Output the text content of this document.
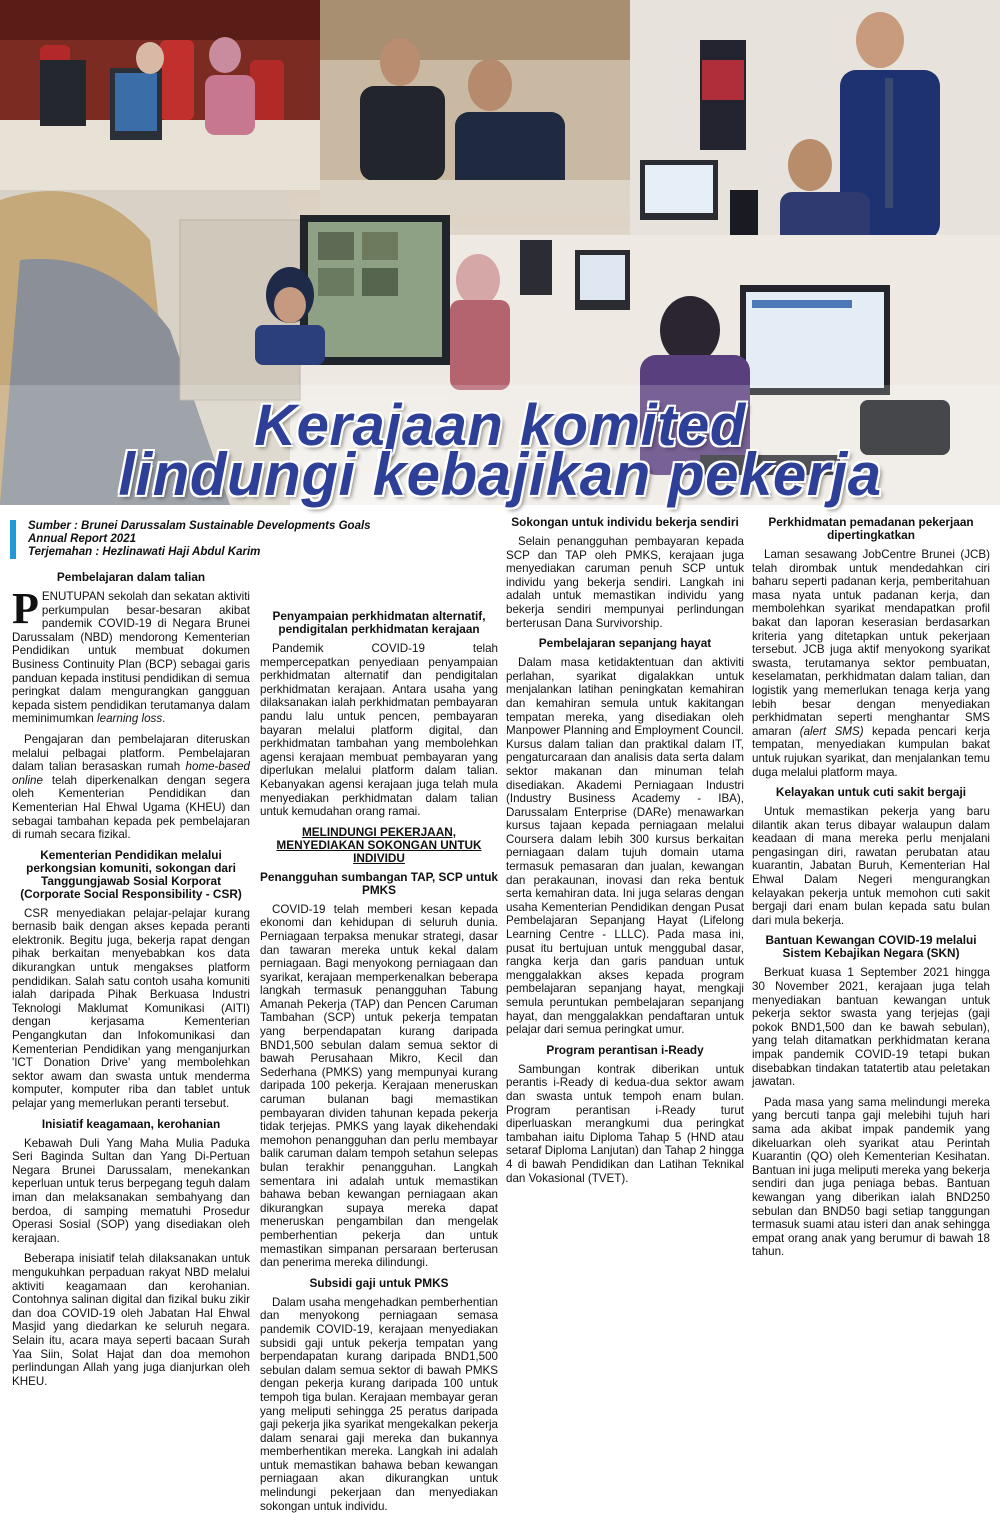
Kerajaan komited
lindungi kebajikan pekerja
Sumber : Brunei Darussalam Sustainable Developments Goals
Annual Report 2021
Terjemahan : Hezlinawati Haji Abdul Karim
Pembelajaran dalam talian

PENUTUPAN sekolah dan sekatan aktiviti perkumpulan besar-besaran akibat pandemik COVID-19 di Negara Brunei Darussalam (NBD) mendorong Kementerian Pendidikan untuk membuat dokumen Business Continuity Plan (BCP) sebagai garis panduan kepada institusi pendidikan di semua peringkat dalam mengurangkan gangguan kepada sistem pendidikan terutamanya dalam meminimumkan learning loss.

Pengajaran dan pembelajaran diteruskan melalui pelbagai platform. Pembelajaran dalam talian berasaskan rumah home-based online telah diperkenalkan dengan segera oleh Kementerian Pendidikan dan Kementerian Hal Ehwal Ugama (KHEU) dan sebagai tambahan kepada pek pembelajaran di rumah secara fizikal.

Kementerian Pendidikan melalui perkongsian komuniti, sokongan dari Tanggungjawab Sosial Korporat (Corporate Social Responsibility - CSR)

CSR menyediakan pelajar-pelajar kurang bernasib baik dengan akses kepada peranti elektronik. Begitu juga, bekerja rapat dengan pihak berkaitan menyebabkan kos data dikurangkan untuk mengakses platform pendidikan. Salah satu contoh usaha komuniti ialah daripada Pihak Berkuasa Industri Teknologi Maklumat Komunikasi (AITI) dengan kerjasama Kementerian Pengangkutan dan Infokomunikasi dan Kementerian Pendidikan yang menganjurkan 'ICT Donation Drive' yang membolehkan sektor awam dan swasta untuk menderma komputer, komputer riba dan tablet untuk pelajar yang memerlukan peranti tersebut.

Inisiatif keagamaan, kerohanian

Kebawah Duli Yang Maha Mulia Paduka Seri Baginda Sultan dan Yang Di-Pertuan Negara Brunei Darussalam, menekankan keperluan untuk terus berpegang teguh dalam iman dan melaksanakan sembahyang dan berdoa, di samping mematuhi Prosedur Operasi Sosial (SOP) yang disediakan oleh kerajaan.

Beberapa inisiatif telah dilaksanakan untuk mengukuhkan perpaduan rakyat NBD melalui aktiviti keagamaan dan kerohanian. Contohnya salinan digital dan fizikal buku zikir dan doa COVID-19 oleh Jabatan Hal Ehwal Masjid yang diedarkan ke seluruh negara. Selain itu, acara maya seperti bacaan Surah Yaa Siin, Solat Hajat dan doa memohon perlindungan Allah yang juga dianjurkan oleh KHEU.

Penyampaian perkhidmatan alternatif, pendigitalan perkhidmatan kerajaan

Pandemik COVID-19 telah mempercepatkan penyediaan penyampaian perkhidmatan alternatif dan pendigitalan perkhidmatan kerajaan. Antara usaha yang dilaksanakan ialah perkhidmatan pembayaran pandu lalu untuk pencen, pembayaran bayaran melalui platform digital, dan perkhidmatan tambahan yang membolehkan agensi kerajaan membuat pembayaran yang diperlukan melalui platform dalam talian. Kebanyakan agensi kerajaan juga telah mula menyediakan perkhidmatan dalam talian untuk kemudahan orang ramai.

MELINDUNGI PEKERJAAN, MENYEDIAKAN SOKONGAN UNTUK INDIVIDU
Penangguhan sumbangan TAP, SCP untuk PMKS

COVID-19 telah memberi kesan kepada ekonomi dan kehidupan di seluruh dunia. Perniagaan terpaksa menukar strategi, dasar dan tawaran mereka untuk kekal dalam perniagaan. Bagi menyokong perniagaan dan syarikat, kerajaan memperkenalkan beberapa langkah termasuk penangguhan Tabung Amanah Pekerja (TAP) dan Pencen Caruman Tambahan (SCP) untuk pekerja tempatan yang berpendapatan kurang daripada BND1,500 sebulan dalam semua sektor di bawah Perusahaan Mikro, Kecil dan Sederhana (PMKS) yang mempunyai kurang daripada 100 pekerja. Kerajaan meneruskan caruman bulanan bagi memastikan pembayaran dividen tahunan kepada pekerja tidak terjejas. PMKS yang layak dikehendaki memohon penangguhan dan perlu membayar balik caruman dalam tempoh setahun selepas bulan terakhir penangguhan. Langkah sementara ini adalah untuk memastikan bahawa beban kewangan perniagaan akan dikurangkan supaya mereka dapat meneruskan pengambilan dan mengelak pemberhentian pekerja dan untuk memastikan simpanan persaraan berterusan dan penerima mereka dilindungi.

Subsidi gaji untuk PMKS

Dalam usaha mengehadkan pemberhentian dan menyokong perniagaan semasa pandemik COVID-19, kerajaan menyediakan subsidi gaji untuk pekerja tempatan yang berpendapatan kurang daripada BND1,500 sebulan dalam semua sektor di bawah PMKS dengan pekerja kurang daripada 100 untuk tempoh tiga bulan. Kerajaan membayar geran yang meliputi sehingga 25 peratus daripada gaji pekerja jika syarikat mengekalkan pekerja dalam senarai gaji mereka dan bukannya memberhentikan mereka. Langkah ini adalah untuk memastikan bahawa beban kewangan perniagaan akan dikurangkan untuk melindungi pekerjaan dan menyediakan sokongan untuk individu.

Sokongan untuk individu bekerja sendiri

Selain penangguhan pembayaran kepada SCP dan TAP oleh PMKS, kerajaan juga menyediakan caruman penuh SCP untuk individu yang bekerja sendiri. Langkah ini adalah untuk memastikan individu yang bekerja sendiri mempunyai perlindungan berterusan Dana Survivorship.

Pembelajaran sepanjang hayat

Dalam masa ketidaktentuan dan aktiviti perlahan, syarikat digalakkan untuk menjalankan latihan peningkatan kemahiran dan kemahiran semula untuk kakitangan tempatan mereka, yang disediakan oleh Manpower Planning and Employment Council. Kursus dalam talian dan praktikal dalam IT, pengaturcaraan dan analisis data serta dalam sektor makanan dan minuman telah disediakan. Akademi Perniagaan Industri (Industry Business Academy - IBA), Darussalam Enterprise (DARe) menawarkan kursus tajaan kepada perniagaan melalui Coursera dalam lebih 300 kursus berkaitan perniagaan dalam tujuh domain utama termasuk pemasaran dan jualan, kewangan dan perakaunan, inovasi dan reka bentuk serta kemahiran data. Ini juga selaras dengan usaha Kementerian Pendidikan dengan Pusat Pembelajaran Sepanjang Hayat (Lifelong Learning Centre - LLLC). Pada masa ini, pusat itu bertujuan untuk menggubal dasar, rangka kerja dan garis panduan untuk menggalakkan akses kepada program pembelajaran sepanjang hayat, mengkaji semula peruntukan pembelajaran sepanjang hayat, dan menggalakkan pendaftaran untuk pelajar dari semua peringkat umur.

Program perantisan i-Ready

Sambungan kontrak diberikan untuk perantis i-Ready di kedua-dua sektor awam dan swasta untuk tempoh enam bulan. Program perantisan i-Ready turut diperluaskan merangkumi dua peringkat tambahan iaitu Diploma Tahap 5 (HND atau setaraf Diploma Lanjutan) dan Tahap 2 hingga 4 di bawah Pendidikan dan Latihan Teknikal dan Vokasional (TVET).

Perkhidmatan pemadanan pekerjaan dipertingkatkan

Laman sesawang JobCentre Brunei (JCB) telah dirombak untuk mendedahkan ciri baharu seperti padanan kerja, pemberitahuan masa nyata untuk padanan kerja, dan membolehkan syarikat mendapatkan profil bakat dan laporan keserasian berdasarkan kriteria yang ditetapkan untuk pekerjaan tersebut. JCB juga aktif menyokong syarikat swasta, terutamanya sektor pembuatan, keselamatan, perkhidmatan dalam talian, dan logistik yang memerlukan tenaga kerja yang lebih besar dengan menyediakan perkhidmatan seperti menghantar SMS amaran (alert SMS) kepada pencari kerja tempatan, menyediakan kumpulan bakat untuk rujukan syarikat, dan menjalankan temu duga melalui platform maya.

Kelayakan untuk cuti sakit bergaji

Untuk memastikan pekerja yang baru dilantik akan terus dibayar walaupun dalam keadaan di mana mereka perlu menjalani pengasingan diri, rawatan perubatan atau kuarantin, Jabatan Buruh, Kementerian Hal Ehwal Dalam Negeri mengurangkan kelayakan pekerja untuk memohon cuti sakit bergaji dari enam bulan kepada satu bulan dari mula bekerja.

Bantuan Kewangan COVID-19 melalui Sistem Kebajikan Negara (SKN)

Berkuat kuasa 1 September 2021 hingga 30 November 2021, kerajaan juga telah menyediakan bantuan kewangan untuk pekerja sektor swasta yang terjejas (gaji pokok BND1,500 dan ke bawah sebulan), yang telah ditamatkan perkhidmatan kerana impak pandemik COVID-19 tetapi bukan disebabkan tindakan tatatertib atau peletakan jawatan.

Pada masa yang sama melindungi mereka yang bercuti tanpa gaji melebihi tujuh hari sama ada akibat impak pandemik yang dikeluarkan oleh syarikat atau Perintah Kuarantin (QO) oleh Kementerian Kesihatan. Bantuan ini juga meliputi mereka yang bekerja sendiri dan juga peniaga bebas. Bantuan kewangan yang diberikan ialah BND250 sebulan dan BND50 bagi setiap tanggungan termasuk suami atau isteri dan anak sehingga empat orang anak yang berumur di bawah 18 tahun.
